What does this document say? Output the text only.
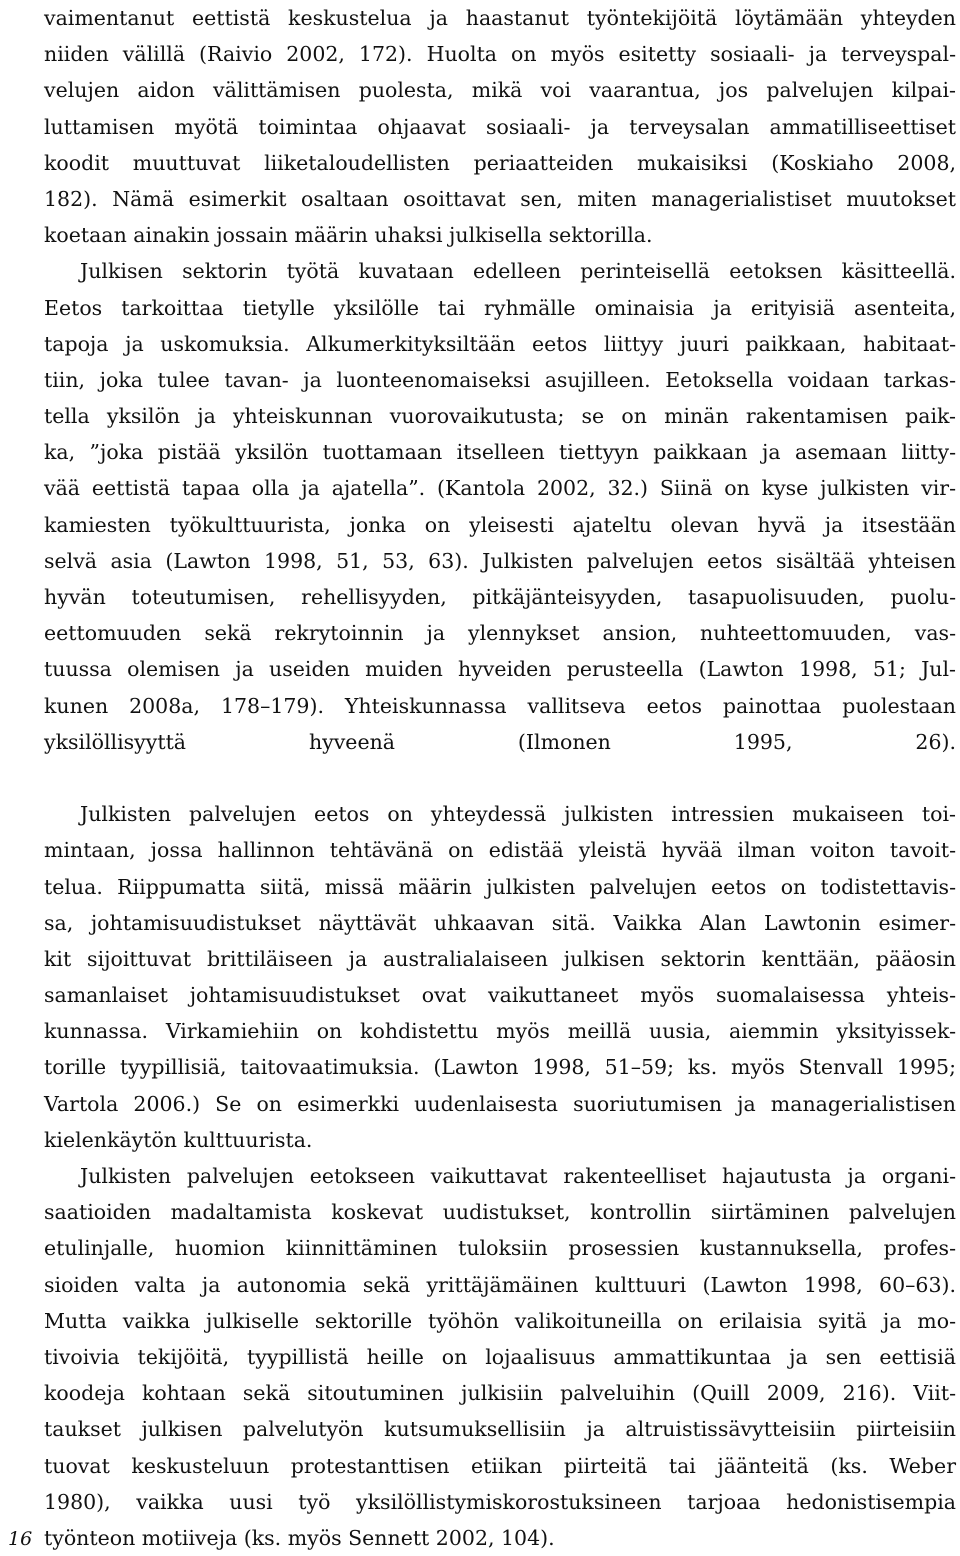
vaimentanut eettistä keskustelua ja haastanut työntekijöitä löytämään yhteyden
niiden välillä (Raivio 2002, 172). Huolta on myös esitetty sosiaali- ja terveyspal-
velujen aidon välittämisen puolesta, mikä voi vaarantua, jos palvelujen kilpai-
luttamisen myötä toimintaa ohjaavat sosiaali- ja terveysalan ammatilliseettiset
koodit muuttuvat liiketaloudellisten periaatteiden mukaisiksi (Koskiaho 2008,
182). Nämä esimerkit osaltaan osoittavat sen, miten managerialistiset muutokset
koetaan ainakin jossain määrin uhaksi julkisella sektorilla.
Julkisen sektorin työtä kuvataan edelleen perinteisellä eetoksen käsitteellä.
Eetos tarkoittaa tietylle yksilölle tai ryhmälle ominaisia ja erityisiä asenteita,
tapoja ja uskomuksia. Alkumerkityksiltään eetos liittyy juuri paikkaan, habitaat-
tiin, joka tulee tavan- ja luonteenomaiseksi asujilleen. Eetoksella voidaan tarkas-
tella yksilön ja yhteiskunnan vuorovaikutusta; se on minän rakentamisen paik-
ka, ”joka pistää yksilön tuottamaan itselleen tiettyyn paikkaan ja asemaan liitty-
vää eettistä tapaa olla ja ajatella”. (Kantola 2002, 32.) Siinä on kyse julkisten vir-
kamiesten työkulttuurista, jonka on yleisesti ajateltu olevan hyvä ja itsestään
selvä asia (Lawton 1998, 51, 53, 63). Julkisten palvelujen eetos sisältää yhteisen
hyvän toteutumisen, rehellisyyden, pitkäjänteisyyden, tasapuolisuuden, puolu-
eettomuuden sekä rekrytoinnin ja ylennykset ansion, nuhteettomuuden, vas-
tuussa olemisen ja useiden muiden hyveiden perusteella (Lawton 1998, 51; Jul-
kunen 2008a, 178–179). Yhteiskunnassa vallitseva eetos painottaa puolestaan
yksilöllisyyttä hyveenä (Ilmonen 1995, 26).
Julkisten palvelujen eetos on yhteydessä julkisten intressien mukaiseen toi-
mintaan, jossa hallinnon tehtävänä on edistää yleistä hyvää ilman voiton tavoit-
telua. Riippumatta siitä, missä määrin julkisten palvelujen eetos on todistettavis-
sa, johtamisuudistukset näyttävät uhkaavan sitä. Vaikka Alan Lawtonin esimer-
kit sijoittuvat brittiläiseen ja australialaiseen julkisen sektorin kenttään, pääosin
samanlaiset johtamisuudistukset ovat vaikuttaneet myös suomalaisessa yhteis-
kunnassa. Virkamiehiin on kohdistettu myös meillä uusia, aiemmin yksityissek-
torille tyypillisiä, taitovaatimuksia. (Lawton 1998, 51–59; ks. myös Stenvall 1995;
Vartola 2006.) Se on esimerkki uudenlaisesta suoriutumisen ja managerialistisen
kielenkäytön kulttuurista.
Julkisten palvelujen eetokseen vaikuttavat rakenteelliset hajautusta ja organi-
saatioiden madaltamista koskevat uudistukset, kontrollin siirtäminen palvelujen
etulinjalle, huomion kiinnittäminen tuloksiin prosessien kustannuksella, profes-
sioiden valta ja autonomia sekä yrittäjämäinen kulttuuri (Lawton 1998, 60–63).
Mutta vaikka julkiselle sektorille työhön valikoituneilla on erilaisia syitä ja mo-
tivoivia tekijöitä, tyypillistä heille on lojaalisuus ammattikuntaa ja sen eettisiä
koodeja kohtaan sekä sitoutuminen julkisiin palveluihin (Quill 2009, 216). Viit-
taukset julkisen palvelutyön kutsumuksellisiin ja altruistissävytteisiin piirteisiin
tuovat keskusteluun protestanttisen etiikan piirteitä tai jäänteitä (ks. Weber
1980), vaikka uusi työ yksilöllistymiskorostuksineen tarjoaa hedonistisempia
työnteon motiiveja (ks. myös Sennett 2002, 104).
16
